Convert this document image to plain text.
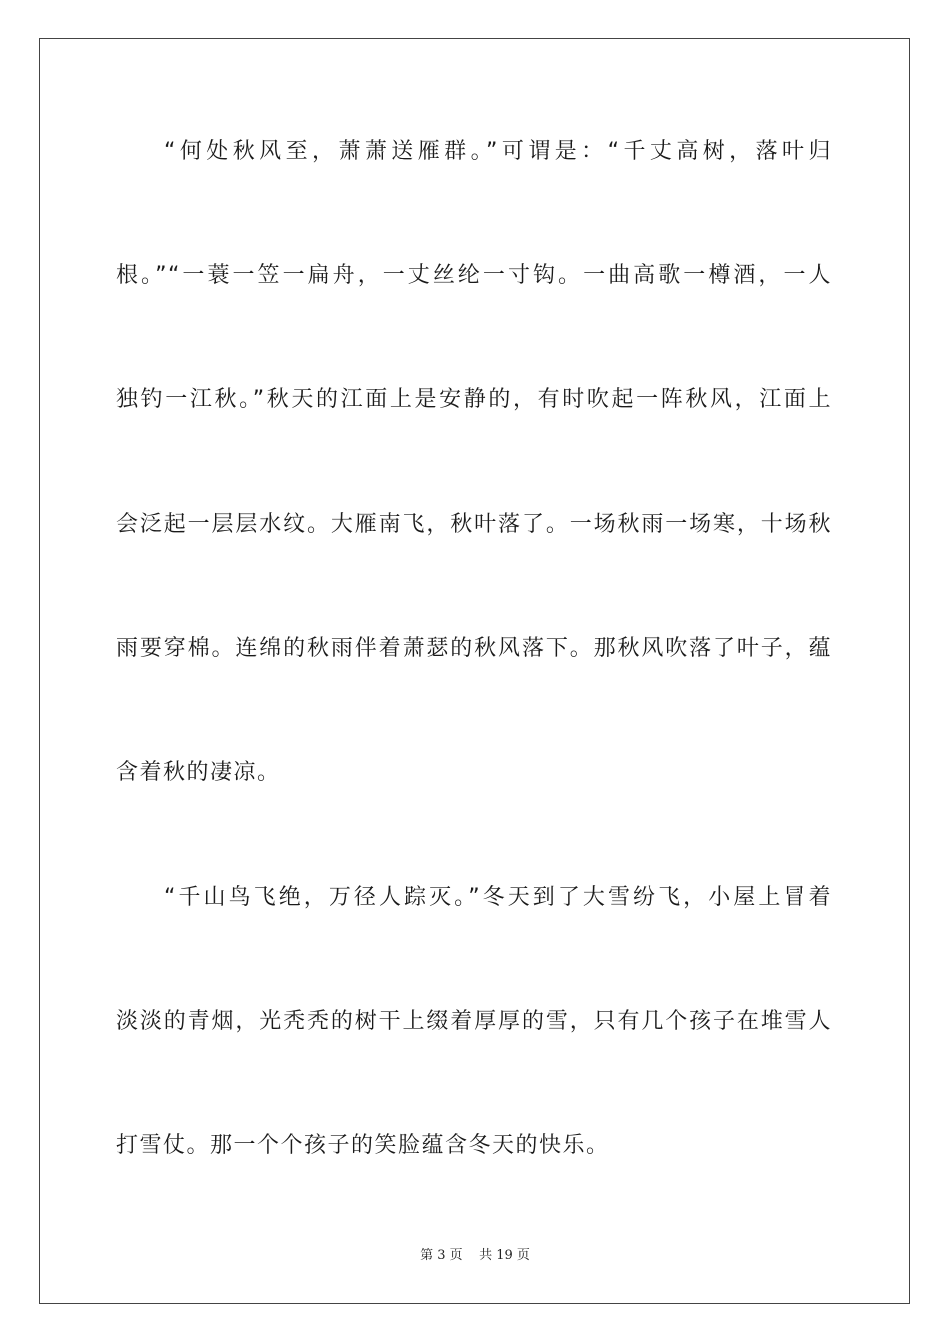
“何处秋风至，萧萧送雁群。”可谓是：“千丈高树，落叶归
根。”“一蓑一笠一扁舟，一丈丝纶一寸钩。一曲高歌一樽酒，一人
独钓一江秋。”秋天的江面上是安静的，有时吹起一阵秋风，江面上
会泛起一层层水纹。大雁南飞，秋叶落了。一场秋雨一场寒，十场秋
雨要穿棉。连绵的秋雨伴着萧瑟的秋风落下。那秋风吹落了叶子，蕴
含着秋的凄凉。
“千山鸟飞绝，万径人踪灭。”冬天到了大雪纷飞，小屋上冒着
淡淡的青烟，光秃秃的树干上缀着厚厚的雪，只有几个孩子在堆雪人
打雪仗。那一个个孩子的笑脸蕴含冬天的快乐。
第 3 页    共 19 页
